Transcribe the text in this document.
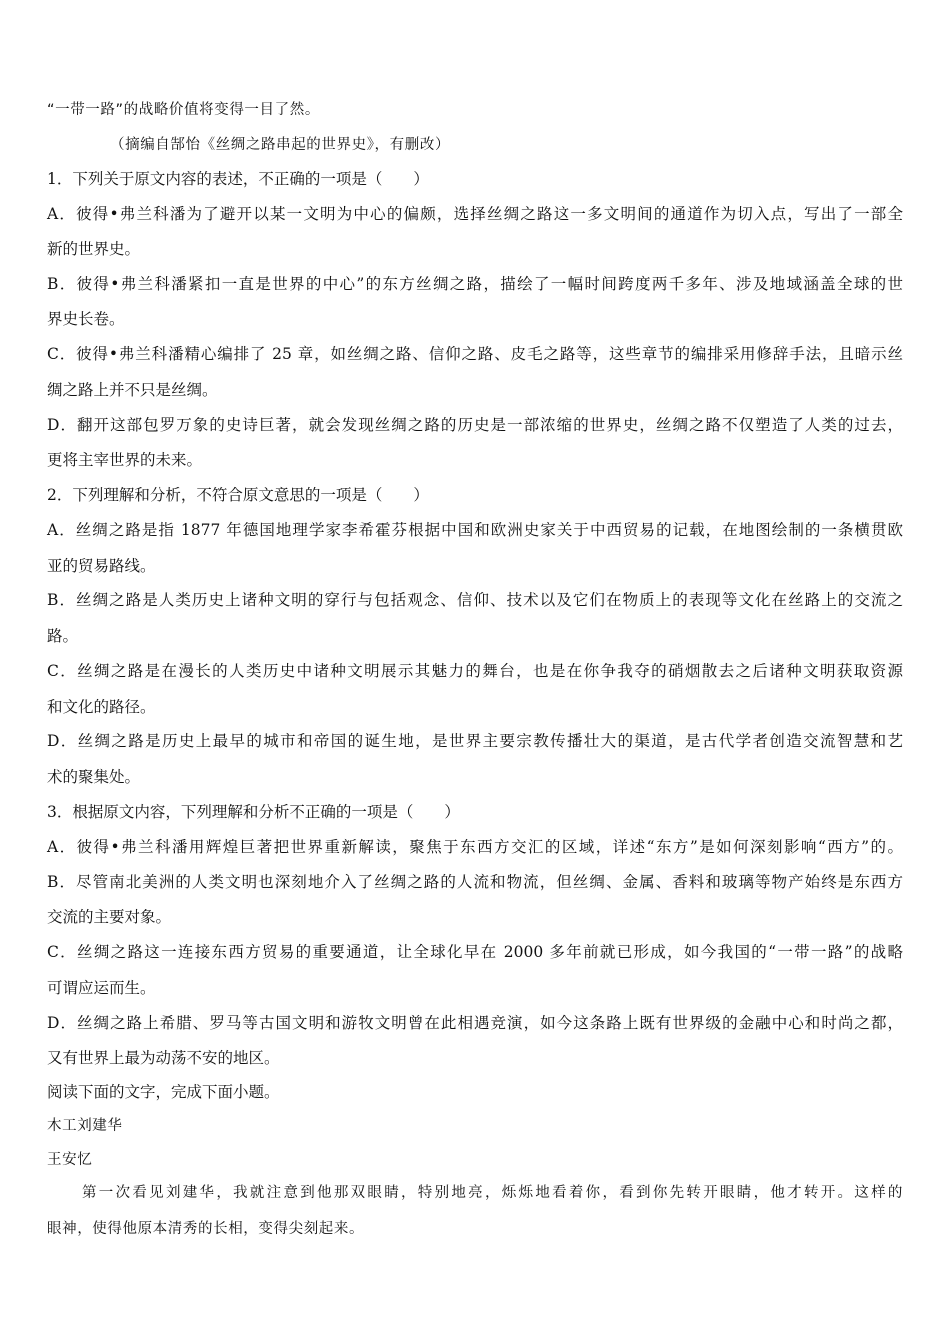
“一带一路”的战略价值将变得一目了然。
（摘编自郜怡《丝绸之路串起的世界史》，有删改）
1．下列关于原文内容的表述，不正确的一项是（　　）
A．彼得•弗兰科潘为了避开以某一文明为中心的偏颇，选择丝绸之路这一多文明间的通道作为切入点，写出了一部全
新的世界史。
B．彼得•弗兰科潘紧扣一直是世界的中心”的东方丝绸之路，描绘了一幅时间跨度两千多年、涉及地域涵盖全球的世
界史长卷。
C．彼得•弗兰科潘精心编排了 25 章，如丝绸之路、信仰之路、皮毛之路等，这些章节的编排采用修辞手法，且暗示丝
绸之路上并不只是丝绸。
D．翻开这部包罗万象的史诗巨著，就会发现丝绸之路的历史是一部浓缩的世界史，丝绸之路不仅塑造了人类的过去，
更将主宰世界的未来。
2．下列理解和分析，不符合原文意思的一项是（　　）
A．丝绸之路是指 1877 年德国地理学家李希霍芬根据中国和欧洲史家关于中西贸易的记载，在地图绘制的一条横贯欧
亚的贸易路线。
B．丝绸之路是人类历史上诸种文明的穿行与包括观念、信仰、技术以及它们在物质上的表现等文化在丝路上的交流之
路。
C．丝绸之路是在漫长的人类历史中诸种文明展示其魅力的舞台，也是在你争我夺的硝烟散去之后诸种文明获取资源
和文化的路径。
D．丝绸之路是历史上最早的城市和帝国的诞生地，是世界主要宗教传播壮大的渠道，是古代学者创造交流智慧和艺
术的聚集处。
3．根据原文内容，下列理解和分析不正确的一项是（　　）
A．彼得•弗兰科潘用辉煌巨著把世界重新解读，聚焦于东西方交汇的区域，详述“东方”是如何深刻影响“西方”的。
B．尽管南北美洲的人类文明也深刻地介入了丝绸之路的人流和物流，但丝绸、金属、香料和玻璃等物产始终是东西方
交流的主要对象。
C．丝绸之路这一连接东西方贸易的重要通道，让全球化早在 2000 多年前就已形成，如今我国的“一带一路”的战略
可谓应运而生。
D．丝绸之路上希腊、罗马等古国文明和游牧文明曾在此相遇竞演，如今这条路上既有世界级的金融中心和时尚之都，
又有世界上最为动荡不安的地区。
阅读下面的文字，完成下面小题。
木工刘建华
王安忆
第一次看见刘建华，我就注意到他那双眼睛，特别地亮，烁烁地看着你，看到你先转开眼睛，他才转开。这样的
眼神，使得他原本清秀的长相，变得尖刻起来。
